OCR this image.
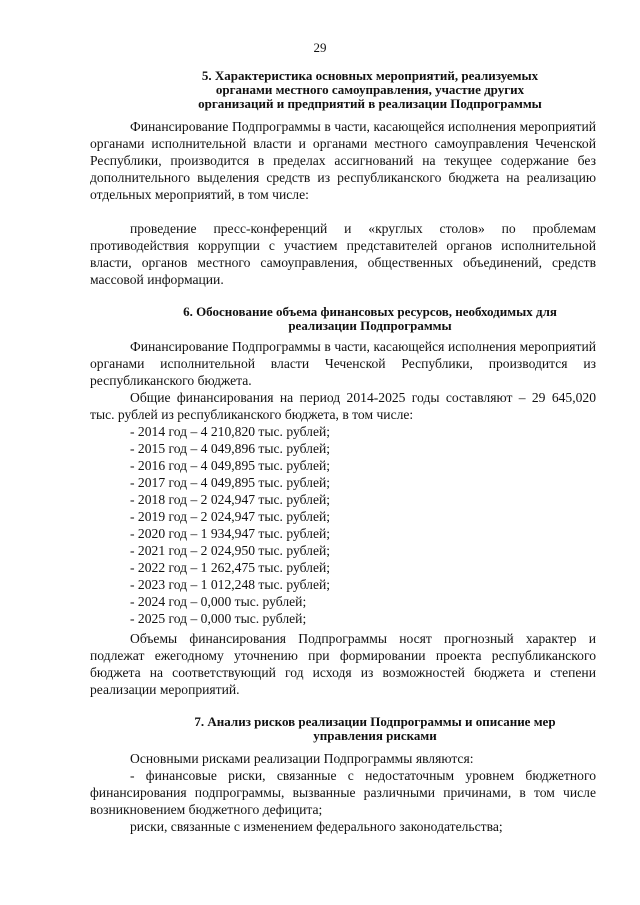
29
5. Характеристика основных мероприятий, реализуемых
органами местного самоуправления, участие других
организаций и предприятий в реализации Подпрограммы

Финансирование Подпрограммы в части, касающейся исполнения мероприятий органами исполнительной власти и органами местного самоуправления Чеченской Республики, производится в пределах ассигнований на текущее содержание без дополнительного выделения средств из республиканского бюджета на реализацию отдельных мероприятий, в том числе:

проведение пресс-конференций и «круглых столов» по проблемам противодействия коррупции с участием представителей органов исполнительной власти, органов местного самоуправления, общественных объединений, средств массовой информации.

6. Обоснование объема финансовых ресурсов, необходимых для
реализации Подпрограммы

Финансирование Подпрограммы в части, касающейся исполнения мероприятий органами исполнительной власти Чеченской Республики, производится из республиканского бюджета.

Общие финансирования на период 2014-2025 годы составляют – 29 645,020 тыс. рублей из республиканского бюджета, в том числе:

- 2014 год – 4 210,820 тыс. рублей;
- 2015 год – 4 049,896 тыс. рублей;
- 2016 год – 4 049,895 тыс. рублей;
- 2017 год – 4 049,895 тыс. рублей;
- 2018 год – 2 024,947 тыс. рублей;
- 2019 год – 2 024,947 тыс. рублей;
- 2020 год – 1 934,947 тыс. рублей;
- 2021 год – 2 024,950 тыс. рублей;
- 2022 год – 1 262,475 тыс. рублей;
- 2023 год – 1 012,248 тыс. рублей;
- 2024 год – 0,000 тыс. рублей;
- 2025 год – 0,000 тыс. рублей;

Объемы финансирования Подпрограммы носят прогнозный характер и подлежат ежегодному уточнению при формировании проекта республиканского бюджета на соответствующий год исходя из возможностей бюджета и степени реализации мероприятий.

7. Анализ рисков реализации Подпрограммы и описание мер
управления рисками

Основными рисками реализации Подпрограммы являются:

- финансовые риски, связанные с недостаточным уровнем бюджетного финансирования подпрограммы, вызванные различными причинами, в том числе возникновением бюджетного дефицита;

риски, связанные с изменением федерального законодательства;
